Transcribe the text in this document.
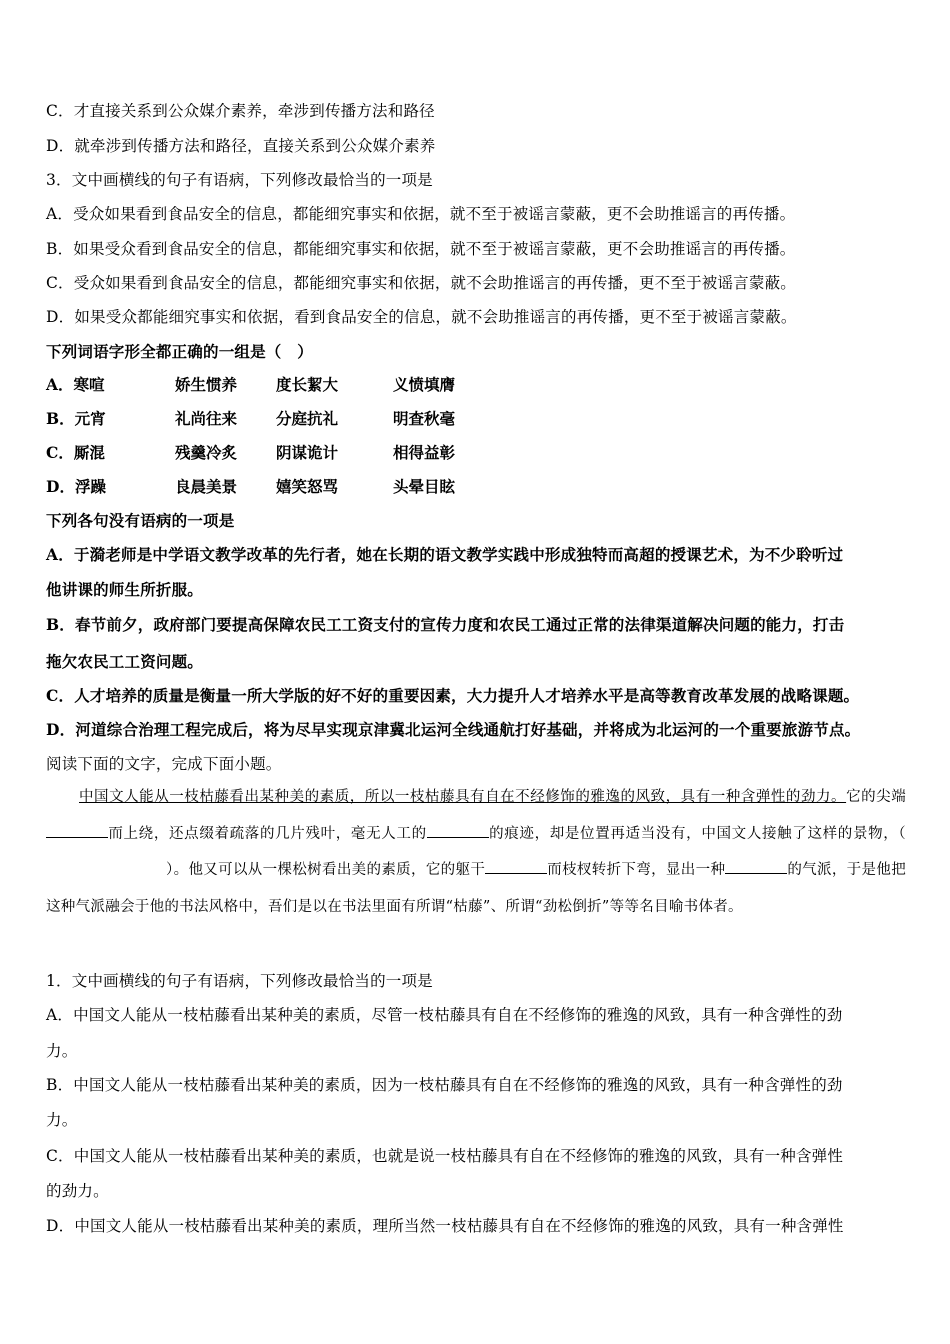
C．才直接关系到公众媒介素养，牵涉到传播方法和路径
D．就牵涉到传播方法和路径，直接关系到公众媒介素养
3．文中画横线的句子有语病，下列修改最恰当的一项是
A．受众如果看到食品安全的信息，都能细究事实和依据，就不至于被谣言蒙蔽，更不会助推谣言的再传播。
B．如果受众看到食品安全的信息，都能细究事实和依据，就不至于被谣言蒙蔽，更不会助推谣言的再传播。
C．受众如果看到食品安全的信息，都能细究事实和依据，就不会助推谣言的再传播，更不至于被谣言蒙蔽。
D．如果受众都能细究事实和依据，看到食品安全的信息，就不会助推谣言的再传播，更不至于被谣言蒙蔽。
下列词语字形全都正确的一组是（　）
A．寒喧	娇生惯养	度长絜大	义愤填膺
B．元宵	礼尚往来	分庭抗礼	明查秋毫
C．厮混	残羹冷炙	阴谋诡计	相得益彰
D．浮躁	良晨美景	嬉笑怒骂	头晕目眩
下列各句没有语病的一项是
A．于漪老师是中学语文教学改革的先行者，她在长期的语文教学实践中形成独特而高超的授课艺术，为不少聆听过
他讲课的师生所折服。
B．春节前夕，政府部门要提高保障农民工工资支付的宣传力度和农民工通过正常的法律渠道解决问题的能力，打击
拖欠农民工工资问题。
C．人才培养的质量是衡量一所大学版的好不好的重要因素，大力提升人才培养水平是高等教育改革发展的战略课题。
D．河道综合治理工程完成后，将为尽早实现京津冀北运河全线通航打好基础，并将成为北运河的一个重要旅游节点。
阅读下面的文字，完成下面小题。

中国文人能从一枝枯藤看出某种美的素质，所以一枝枯藤具有自在不经修饰的雅逸的风致，具有一种含弹性的劲力。它的尖端而上绕，还点缀着疏落的几片残叶，毫无人工的	的痕迹，却是位置再适当没有，中国文人接触了这样的景物，（）。他又可以从一棵松树看出美的素质，它的躯干	而枝杈转折下弯，显出一种	的气派，于是他把这种气派融会于他的书法风格中，吾们是以在书法里面有所谓“枯藤”、所谓“劲松倒折”等等名目喻书体者。

1．文中画横线的句子有语病，下列修改最恰当的一项是
A．中国文人能从一枝枯藤看出某种美的素质，尽管一枝枯藤具有自在不经修饰的雅逸的风致，具有一种含弹性的劲
力。
B．中国文人能从一枝枯藤看出某种美的素质，因为一枝枯藤具有自在不经修饰的雅逸的风致，具有一种含弹性的劲
力。
C．中国文人能从一枝枯藤看出某种美的素质，也就是说一枝枯藤具有自在不经修饰的雅逸的风致，具有一种含弹性
的劲力。
D．中国文人能从一枝枯藤看出某种美的素质，理所当然一枝枯藤具有自在不经修饰的雅逸的风致，具有一种含弹性
